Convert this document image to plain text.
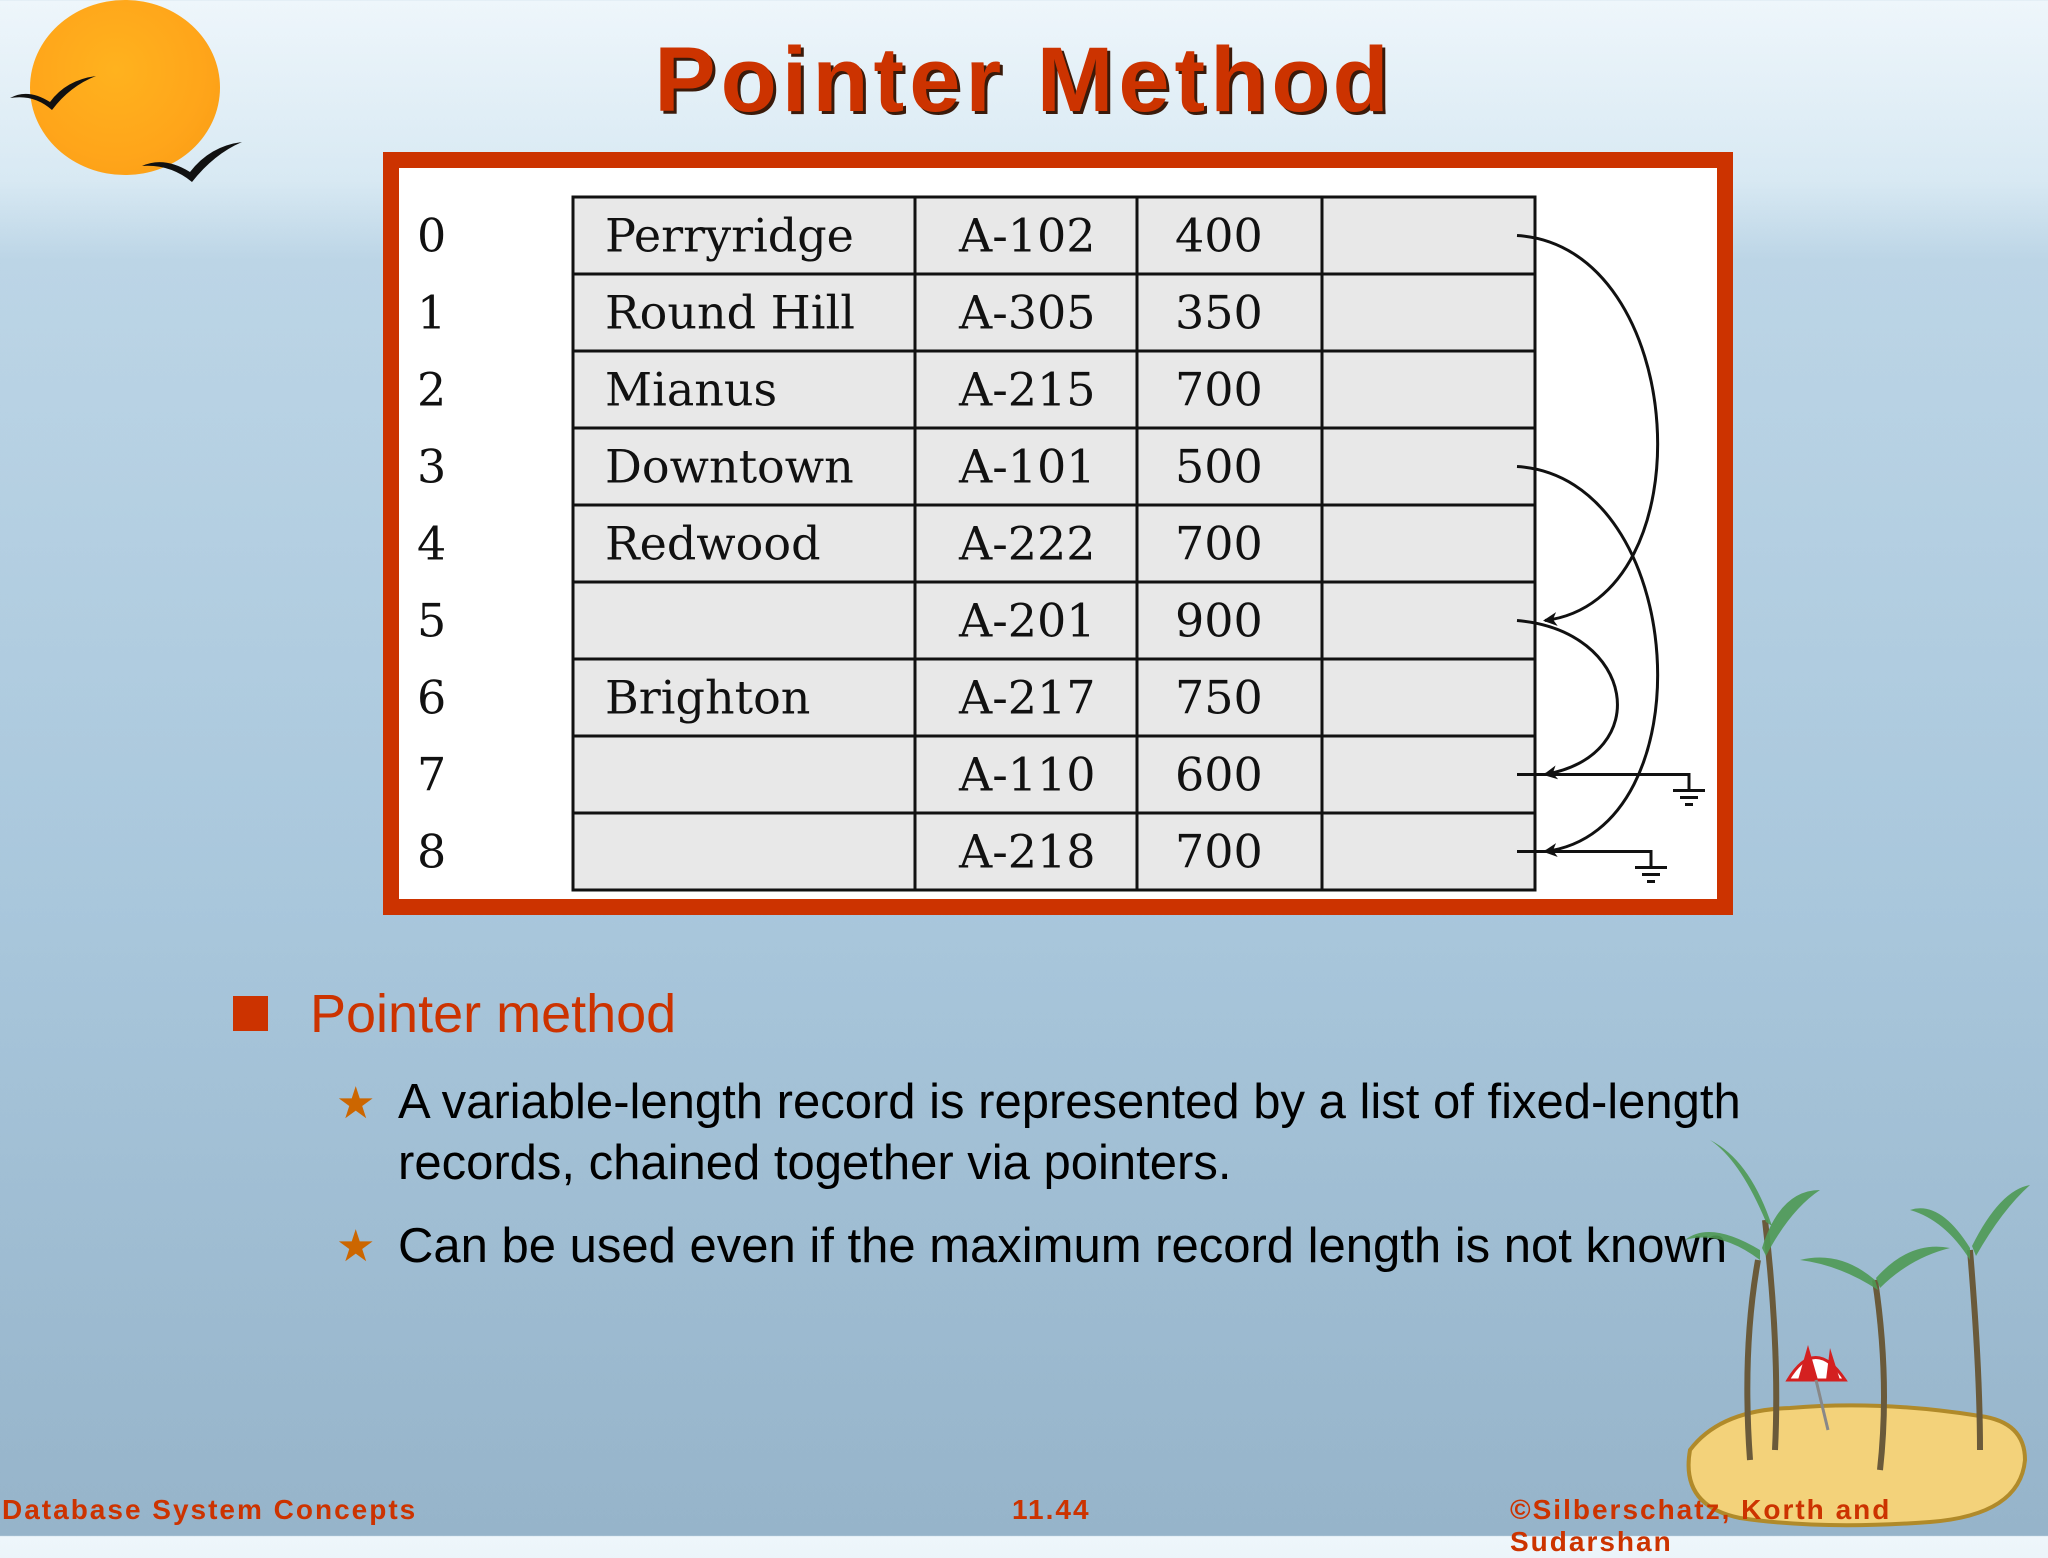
Pointer Method
0	Perryridge A-102 400
1	Round Hill A-305 350
2	Mianus	A-215 700
3	Downtown A-101 500
4	Redwood	A-222 700
5	A-201 900
6	Brighton	A-217 750
7	A-110 600
8	A-218 700
Pointer method
★ A variable-length record is represented by a list of fixed-length records, chained together via pointers.
★ Can be used even if the maximum record length is not known
Database System Concepts	11.44	©Silberschatz, Korth and Sudarshan
